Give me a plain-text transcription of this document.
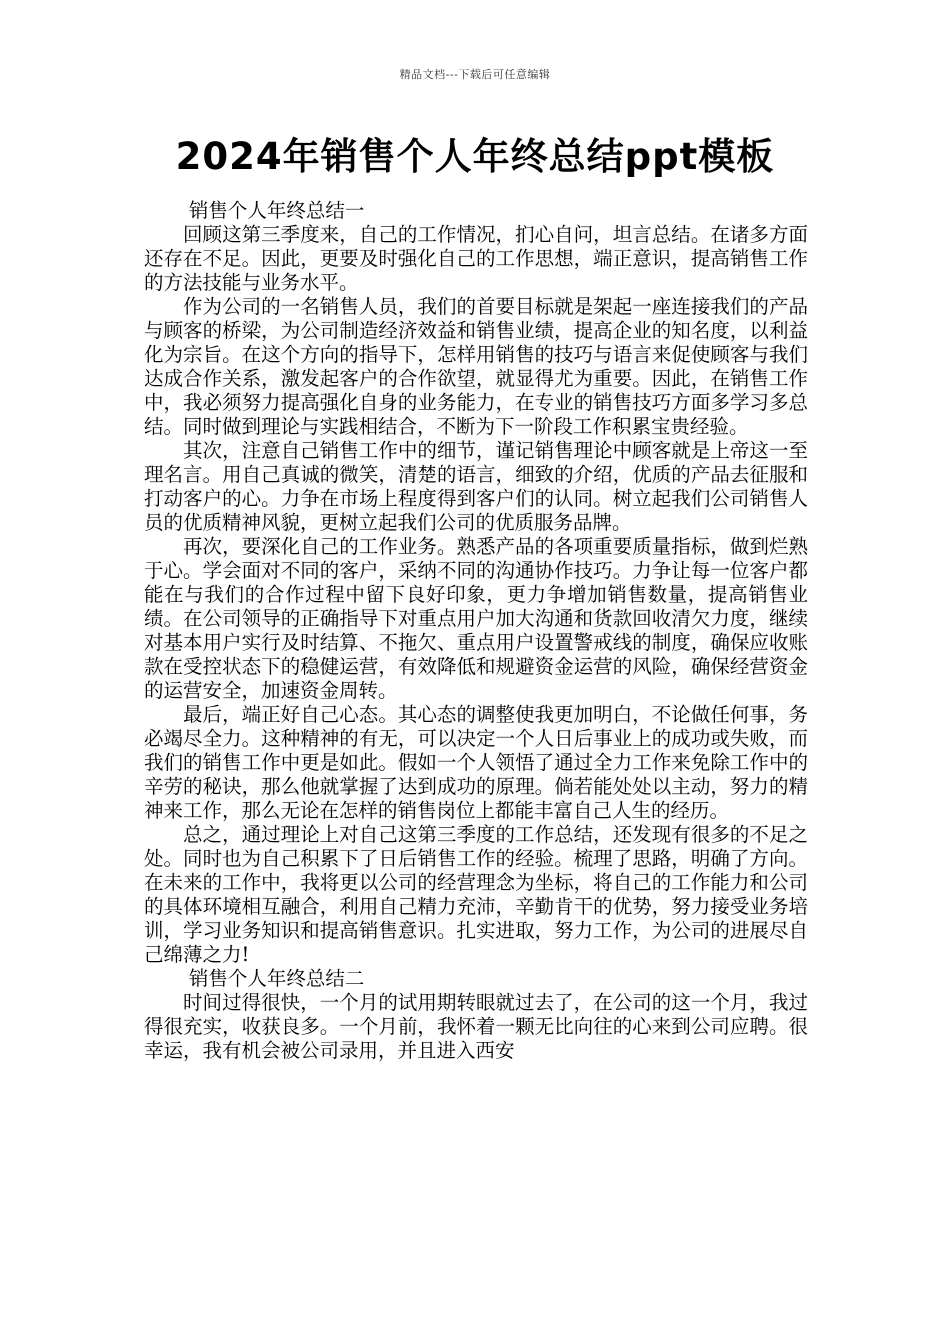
精品文档---下载后可任意编辑
2024年销售个人年终总结ppt模板

销售个人年终总结一

回顾这第三季度来，自己的工作情况，扪心自问，坦言总结。在诸多方面还存在不足。因此，更要及时强化自己的工作思想，端正意识，提高销售工作的方法技能与业务水平。

作为公司的一名销售人员，我们的首要目标就是架起一座连接我们的产品与顾客的桥梁，为公司制造经济效益和销售业绩，提高企业的知名度，以利益化为宗旨。在这个方向的指导下，怎样用销售的技巧与语言来促使顾客与我们达成合作关系，激发起客户的合作欲望，就显得尤为重要。因此，在销售工作中，我必须努力提高强化自身的业务能力，在专业的销售技巧方面多学习多总结。同时做到理论与实践相结合，不断为下一阶段工作积累宝贵经验。

其次，注意自己销售工作中的细节，谨记销售理论中顾客就是上帝这一至理名言。用自己真诚的微笑，清楚的语言，细致的介绍，优质的产品去征服和打动客户的心。力争在市场上程度得到客户们的认同。树立起我们公司销售人员的优质精神风貌，更树立起我们公司的优质服务品牌。

再次，要深化自己的工作业务。熟悉产品的各项重要质量指标，做到烂熟于心。学会面对不同的客户，采纳不同的沟通协作技巧。力争让每一位客户都能在与我们的合作过程中留下良好印象，更力争增加销售数量，提高销售业绩。在公司领导的正确指导下对重点用户加大沟通和货款回收清欠力度，继续对基本用户实行及时结算、不拖欠、重点用户设置警戒线的制度，确保应收账款在受控状态下的稳健运营，有效降低和规避资金运营的风险，确保经营资金的运营安全，加速资金周转。

最后，端正好自己心态。其心态的调整使我更加明白，不论做任何事，务必竭尽全力。这种精神的有无，可以决定一个人日后事业上的成功或失败，而我们的销售工作中更是如此。假如一个人领悟了通过全力工作来免除工作中的辛劳的秘诀，那么他就掌握了达到成功的原理。倘若能处处以主动，努力的精神来工作，那么无论在怎样的销售岗位上都能丰富自己人生的经历。

总之，通过理论上对自己这第三季度的工作总结，还发现有很多的不足之处。同时也为自己积累下了日后销售工作的经验。梳理了思路，明确了方向。在未来的工作中，我将更以公司的经营理念为坐标，将自己的工作能力和公司的具体环境相互融合，利用自己精力充沛，辛勤肯干的优势，努力接受业务培训，学习业务知识和提高销售意识。扎实进取，努力工作，为公司的进展尽自己绵薄之力!

销售个人年终总结二

时间过得很快，一个月的试用期转眼就过去了，在公司的这一个月，我过得很充实，收获良多。一个月前，我怀着一颗无比向往的心来到公司应聘。很幸运，我有机会被公司录用，并且进入西安
